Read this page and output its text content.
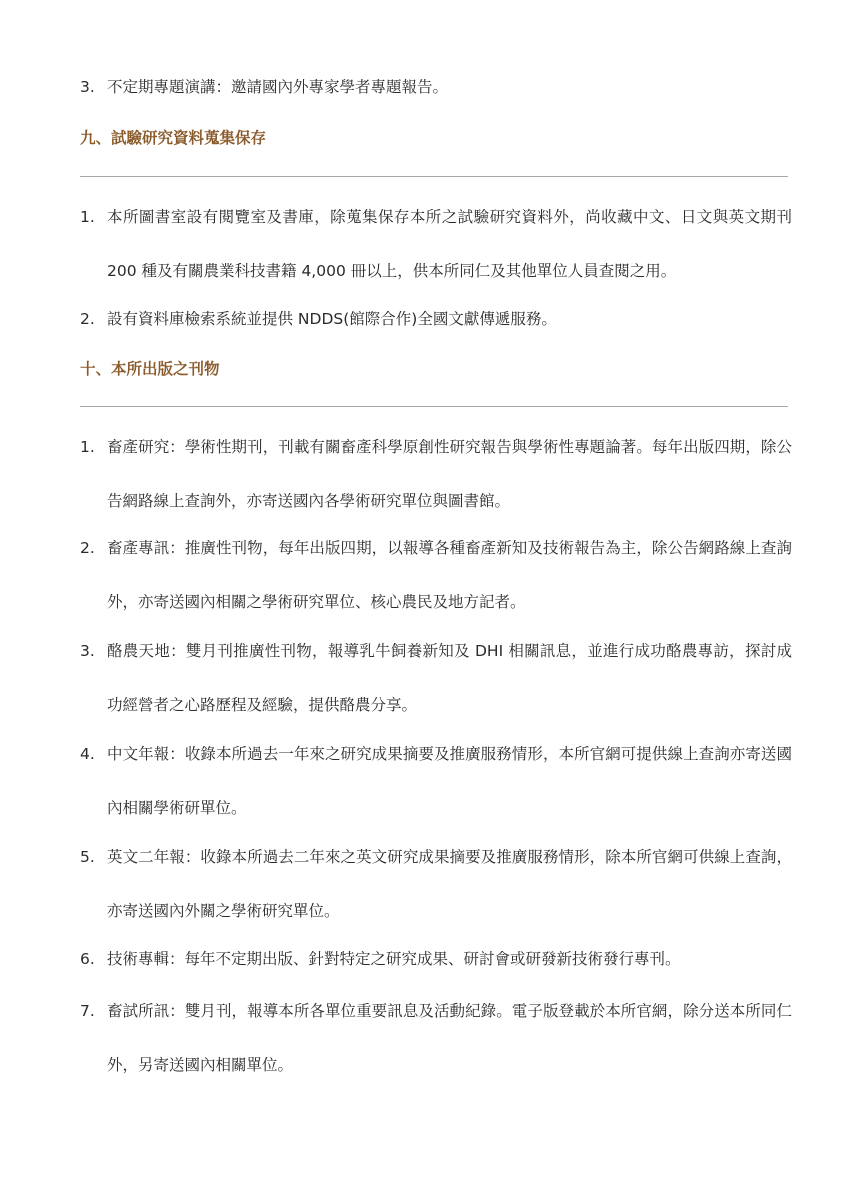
3. 不定期專題演講：邀請國內外專家學者專題報告。
九、試驗研究資料蒐集保存
1. 本所圖書室設有閱覽室及書庫，除蒐集保存本所之試驗研究資料外，尚收藏中文、日文與英文期刊 200 種及有關農業科技書籍 4,000 冊以上，供本所同仁及其他單位人員查閱之用。
2. 設有資料庫檢索系統並提供 NDDS(館際合作)全國文獻傳遞服務。
十、本所出版之刊物
1. 畜產研究：學術性期刊，刊載有關畜產科學原創性研究報告與學術性專題論著。每年出版四期，除公告網路線上查詢外，亦寄送國內各學術研究單位與圖書館。
2. 畜產專訊：推廣性刊物，每年出版四期，以報導各種畜產新知及技術報告為主，除公告網路線上查詢外，亦寄送國內相關之學術研究單位、核心農民及地方記者。
3. 酪農天地：雙月刊推廣性刊物，報導乳牛飼養新知及 DHI 相關訊息，並進行成功酪農專訪，探討成功經營者之心路歷程及經驗，提供酪農分享。
4. 中文年報：收錄本所過去一年來之研究成果摘要及推廣服務情形，本所官網可提供線上查詢亦寄送國內相關學術研單位。
5. 英文二年報：收錄本所過去二年來之英文研究成果摘要及推廣服務情形，除本所官網可供線上查詢，亦寄送國內外關之學術研究單位。
6. 技術專輯：每年不定期出版、針對特定之研究成果、研討會或研發新技術發行專刊。
7. 畜試所訊：雙月刊，報導本所各單位重要訊息及活動紀錄。電子版登載於本所官網，除分送本所同仁外，另寄送國內相關單位。
